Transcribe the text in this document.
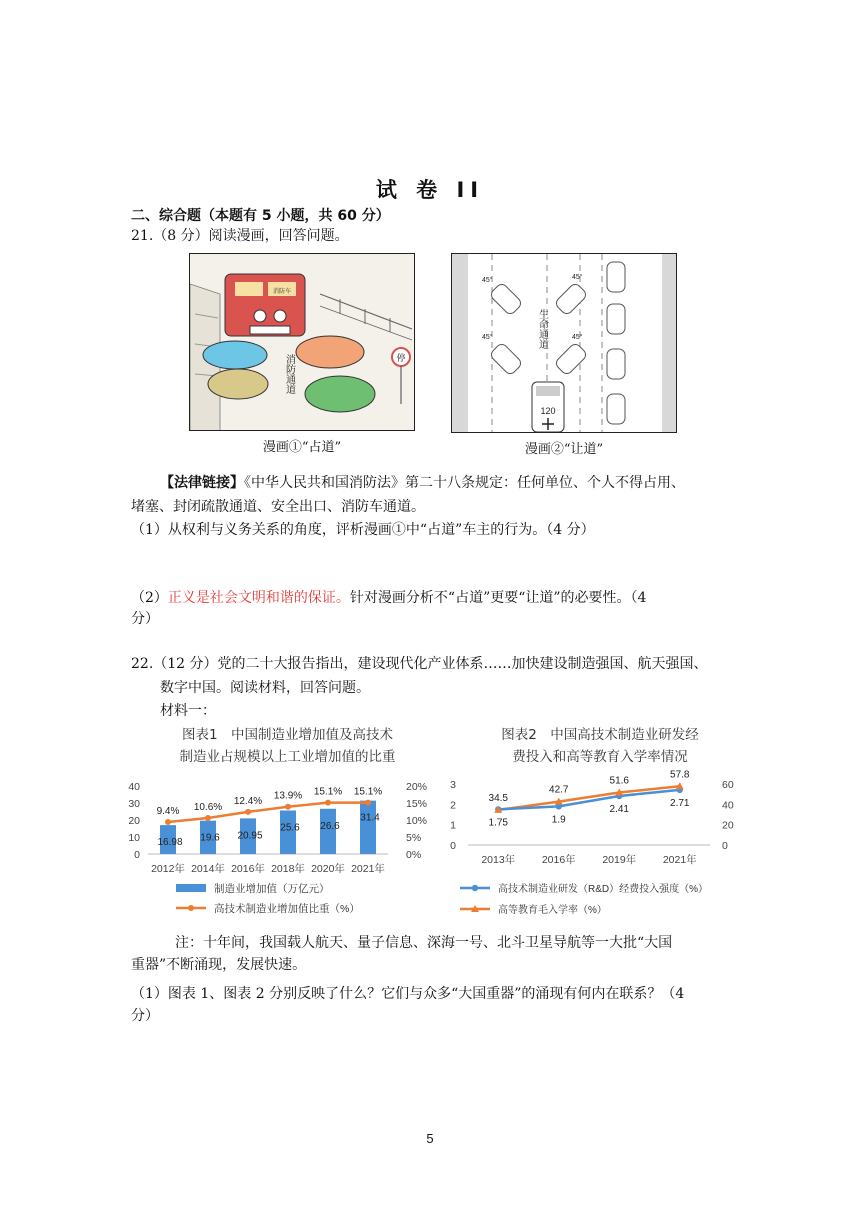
试 卷 II
二、综合题（本题有 5 小题，共 60 分）
21.（8 分）阅读漫画，回答问题。
消防车
消防通道	停
漫画①“占道”
45°	45°
45°	45°
生命通道
120
漫画②“让道”
【法律链接】《中华人民共和国消防法》第二十八条规定：任何单位、个人不得占用、
堵塞、封闭疏散通道、安全出口、消防车通道。
（1）从权利与义务关系的角度，评析漫画①中“占道”车主的行为。（4 分）
（2）正义是社会文明和谐的保证。针对漫画分析不“占道”更要“让道”的必要性。（4
分）
22.（12 分）党的二十大报告指出，建设现代化产业体系……加快建设制造强国、航天强国、
数字中国。阅读材料，回答问题。
材料一：
图表1　中国制造业增加值及高技术
制造业占规模以上工业增加值的比重
0
10
20
30
40
0%
5%
10%
15%
20%
16.98
2012年
19.6
2014年
20.95
2016年
25.6
2018年
26.6
2020年
31.4
2021年
9.4% 10.6%
12.4% 13.9% 15.1% 15.1%
制造业增加值（万亿元）
高技术制造业增加值比重（%）
图表2　中国高技术制造业研发经
费投入和高等教育入学率情况
0
1
2
3
0
20
40
60
2013年	2016年	2019年	2021年
1.75	1.9
2.41
2.71
34.5
42.7
51.6
57.8
高技术制造业研发（R&D）经费投入强度（%）
高等教育毛入学率（%）
注：十年间，我国载人航天、量子信息、深海一号、北斗卫星导航等一大批“大国
重器”不断涌现，发展快速。
（1）图表 1、图表 2 分别反映了什么？它们与众多“大国重器”的涌现有何内在联系？（4
分）
5
